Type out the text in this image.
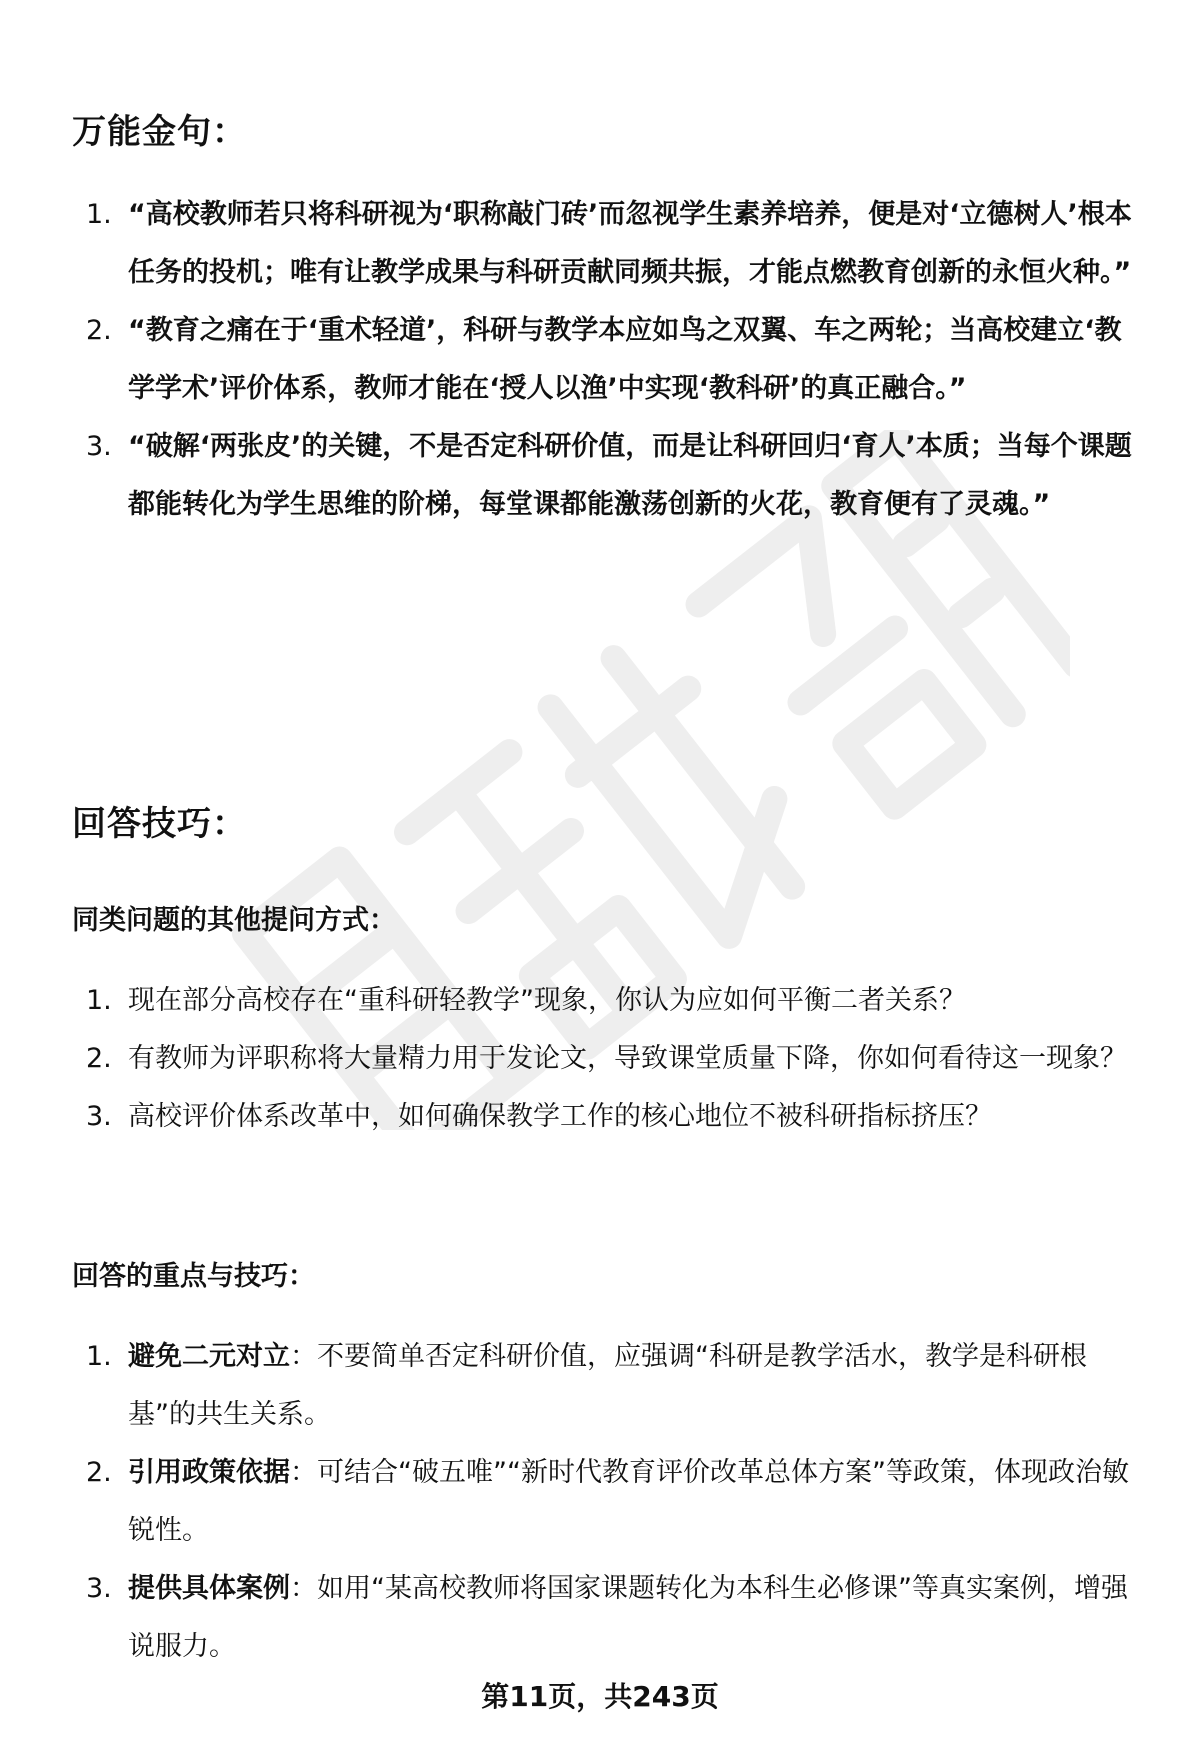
万能金句：
1. “高校教师若只将科研视为‘职称敲门砖’而忽视学生素养培养，便是对‘立德树人’根本任务的投机；唯有让教学成果与科研贡献同频共振，才能点燃教育创新的永恒火种。”
2. “教育之痛在于‘重术轻道’，科研与教学本应如鸟之双翼、车之两轮；当高校建立‘教学学术’评价体系，教师才能在‘授人以渔’中实现‘教科研’的真正融合。”
3. “破解‘两张皮’的关键，不是否定科研价值，而是让科研回归‘育人’本质；当每个课题都能转化为学生思维的阶梯，每堂课都能激荡创新的火花，教育便有了灵魂。”
回答技巧：
同类问题的其他提问方式：
1. 现在部分高校存在“重科研轻教学”现象，你认为应如何平衡二者关系？
2. 有教师为评职称将大量精力用于发论文，导致课堂质量下降，你如何看待这一现象？
3. 高校评价体系改革中，如何确保教学工作的核心地位不被科研指标挤压？
回答的重点与技巧：
1. 避免二元对立：不要简单否定科研价值，应强调“科研是教学活水，教学是科研根基”的共生关系。
2. 引用政策依据：可结合“破五唯”“新时代教育评价改革总体方案”等政策，体现政治敏锐性。
3. 提供具体案例：如用“某高校教师将国家课题转化为本科生必修课”等真实案例，增强说服力。
第11页，共243页
